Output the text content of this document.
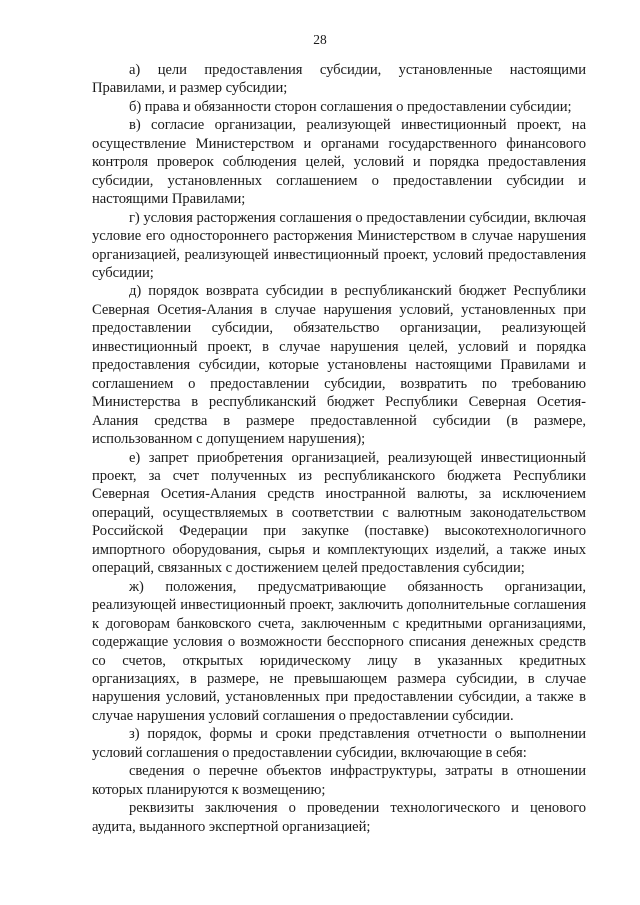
28

а) цели предоставления субсидии, установленные настоящими Правилами, и размер субсидии;

б) права и обязанности сторон соглашения о предоставлении субсидии;

в) согласие организации, реализующей инвестиционный проект, на осуществление Министерством и органами государственного финансового контроля проверок соблюдения целей, условий и порядка предоставления субсидии, установленных соглашением о предоставлении субсидии и настоящими Правилами;

г) условия расторжения соглашения о предоставлении субсидии, включая условие его одностороннего расторжения Министерством в случае нарушения организацией, реализующей инвестиционный проект, условий предоставления субсидии;

д) порядок возврата субсидии в республиканский бюджет Республики Северная Осетия-Алания в случае нарушения условий, установленных при предоставлении субсидии, обязательство организации, реализующей инвестиционный проект, в случае нарушения целей, условий и порядка предоставления субсидии, которые установлены настоящими Правилами и соглашением о предоставлении субсидии, возвратить по требованию Министерства в республиканский бюджет Республики Северная Осетия-Алания средства в размере предоставленной субсидии (в размере, использованном с допущением нарушения);

е) запрет приобретения организацией, реализующей инвестиционный проект, за счет полученных из республиканского бюджета Республики Северная Осетия-Алания средств иностранной валюты, за исключением операций, осуществляемых в соответствии с валютным законодательством Российской Федерации при закупке (поставке) высокотехнологичного импортного оборудования, сырья и комплектующих изделий, а также иных операций, связанных с достижением целей предоставления субсидии;

ж) положения, предусматривающие обязанность организации, реализующей инвестиционный проект, заключить дополнительные соглашения к договорам банковского счета, заключенным с кредитными организациями, содержащие условия о возможности бесспорного списания денежных средств со счетов, открытых юридическому лицу в указанных кредитных организациях, в размере, не превышающем размера субсидии, в случае нарушения условий, установленных при предоставлении субсидии, а также в случае нарушения условий соглашения о предоставлении субсидии.

з) порядок, формы и сроки представления отчетности о выполнении условий соглашения о предоставлении субсидии, включающие в себя:

сведения о перечне объектов инфраструктуры, затраты в отношении которых планируются к возмещению;

реквизиты заключения о проведении технологического и ценового аудита, выданного экспертной организацией;
